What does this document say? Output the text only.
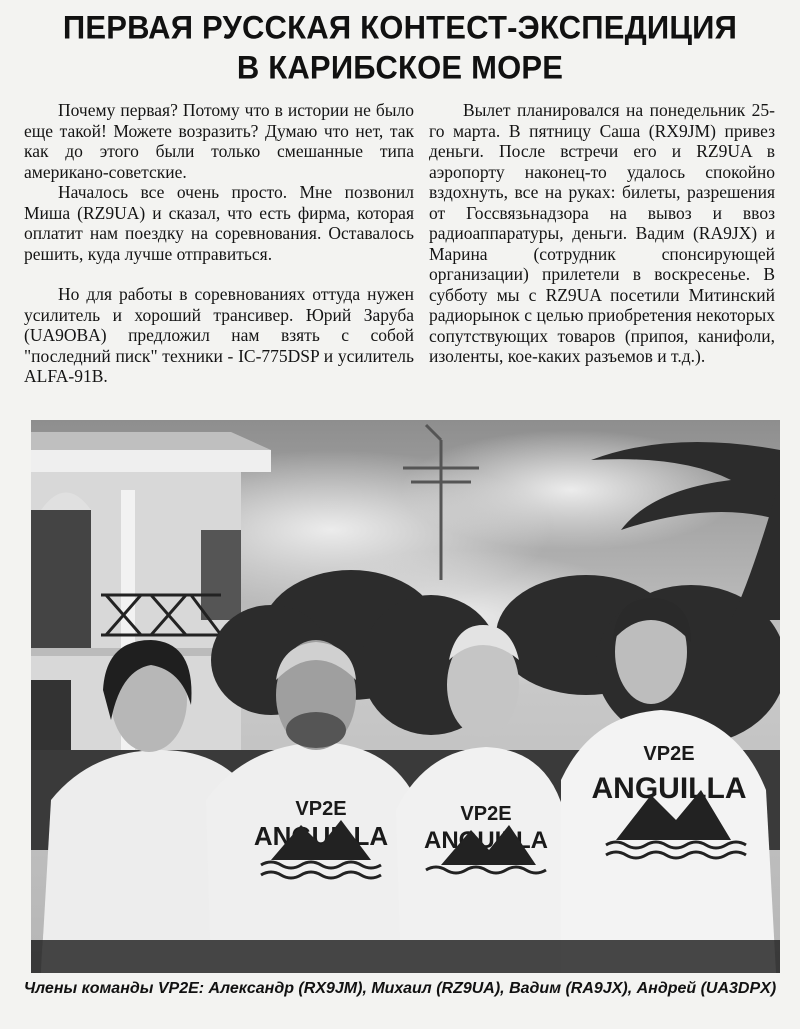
ПЕРВАЯ РУССКАЯ КОНТЕСТ-ЭКСПЕДИЦИЯ
В КАРИБСКОЕ МОРЕ

Почему первая? Потому что в истории не было еще такой! Можете возразить? Думаю что нет, так как до этого были только смешанные типа американо-советские.

Началось все очень просто. Мне позвонил Миша (RZ9UA) и сказал, что есть фирма, которая оплатит нам поездку на соревнования. Оставалось решить, куда лучше отправиться.

Но для работы в соревнованиях оттуда нужен усилитель и хороший трансивер. Юрий Заруба (UA9OBA) предложил нам взять с собой "последний писк" техники - IC-775DSP и усилитель ALFA-91B.

Вылет планировался на понедельник 25-го марта. В пятницу Саша (RX9JM) привез деньги. После встречи его и RZ9UA в аэропорту наконец-то удалось спокойно вздохнуть, все на руках: билеты, разрешения от Госсвязьнадзора на вывоз и ввоз радиоаппаратуры, деньги. Вадим (RA9JX) и Марина (сотрудник спонсирующей организации) прилетели в воскресенье. В субботу мы с RZ9UA посетили Митинский радиорынок с целью приобретения некоторых сопутствующих товаров (припоя, канифоли, изоленты, кое-каких разъемов и т.д.).

VP2E
ANGUILLA
VP2E
ANGUILLA
VP2E
ANGUILLA
Члены команды VP2E: Александр (RX9JM), Михаил (RZ9UA), Вадим (RA9JX), Андрей (UA3DPX)
